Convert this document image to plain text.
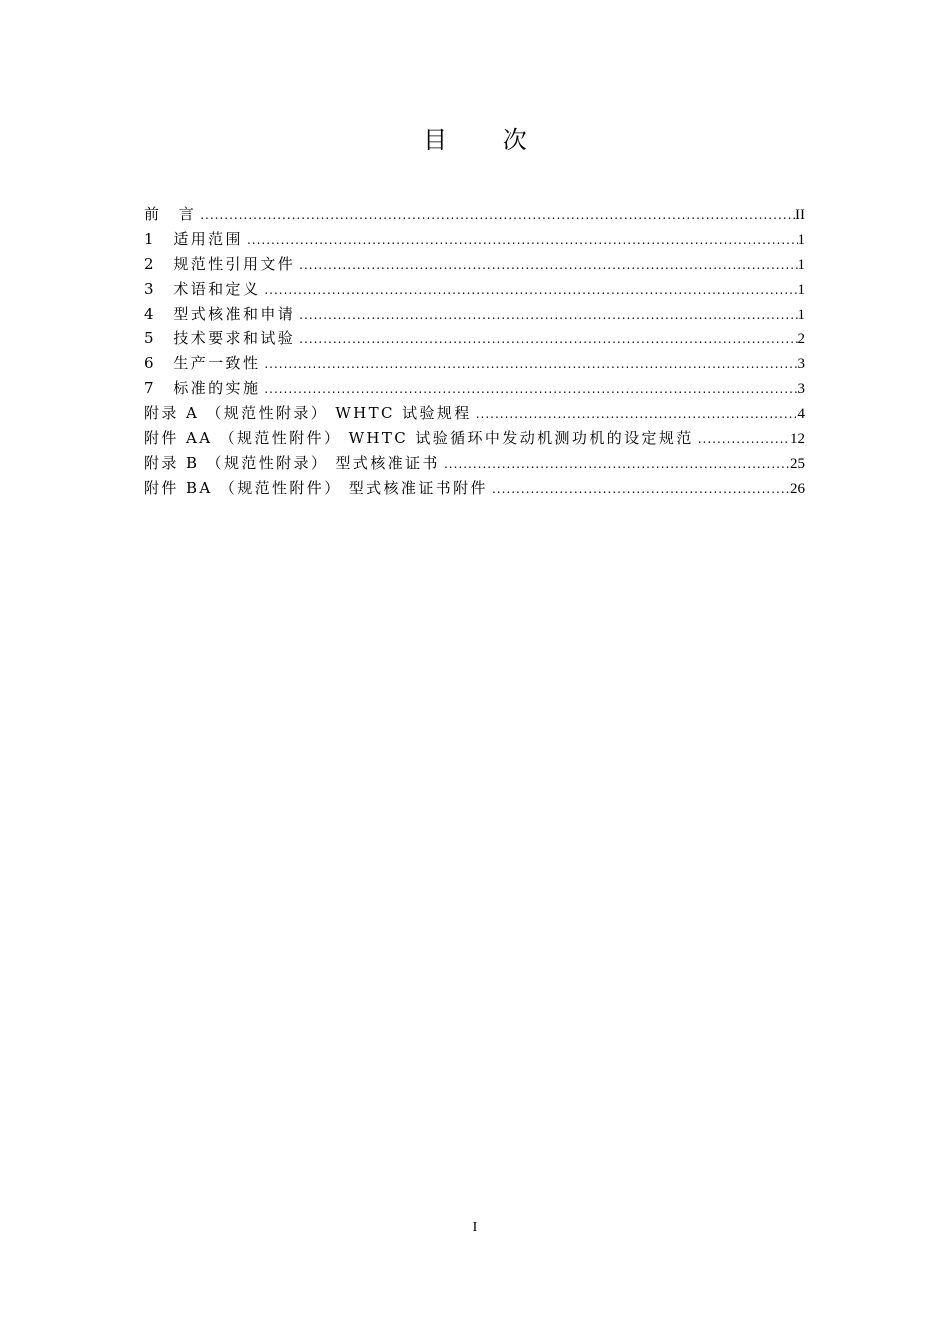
目 次
前　言 .....	II
1　适用范围 .....	1
2　规范性引用文件 .....	1
3　术语和定义 .....	1
4　型式核准和申请 .....	1
5　技术要求和试验 .....	2
6　生产一致性 .....	3
7　标准的实施 .....	3
附录 A （规范性附录） WHTC 试验规程 .....	4
附件 AA （规范性附件） WHTC 试验循环中发动机测功机的设定规范 .....	12
附录 B （规范性附录） 型式核准证书 .....	25
附件 BA （规范性附件） 型式核准证书附件 .....	26
I
